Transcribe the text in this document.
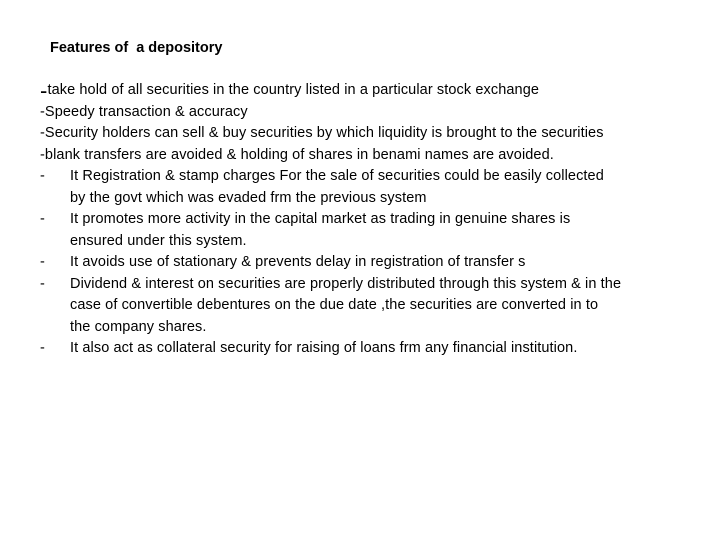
Features of  a depository
-take hold of all securities in the country listed in a particular stock exchange
-Speedy transaction & accuracy
-Security holders can sell & buy securities by which liquidity is brought to the securities
-blank transfers are avoided & holding of shares in benami names are avoided.
-	It Registration & stamp charges For the sale of securities could be easily collected
by the govt which was evaded frm the previous system
-	It promotes more activity in the capital market as trading in genuine shares is
ensured under this system.
-	It avoids use of stationary & prevents delay in registration of transfer s
-	Dividend & interest on securities are properly distributed through this system & in the
case of convertible debentures on the due date ,the securities are converted in to
the company shares.
-	It also act as collateral security for raising of loans frm any financial institution.
